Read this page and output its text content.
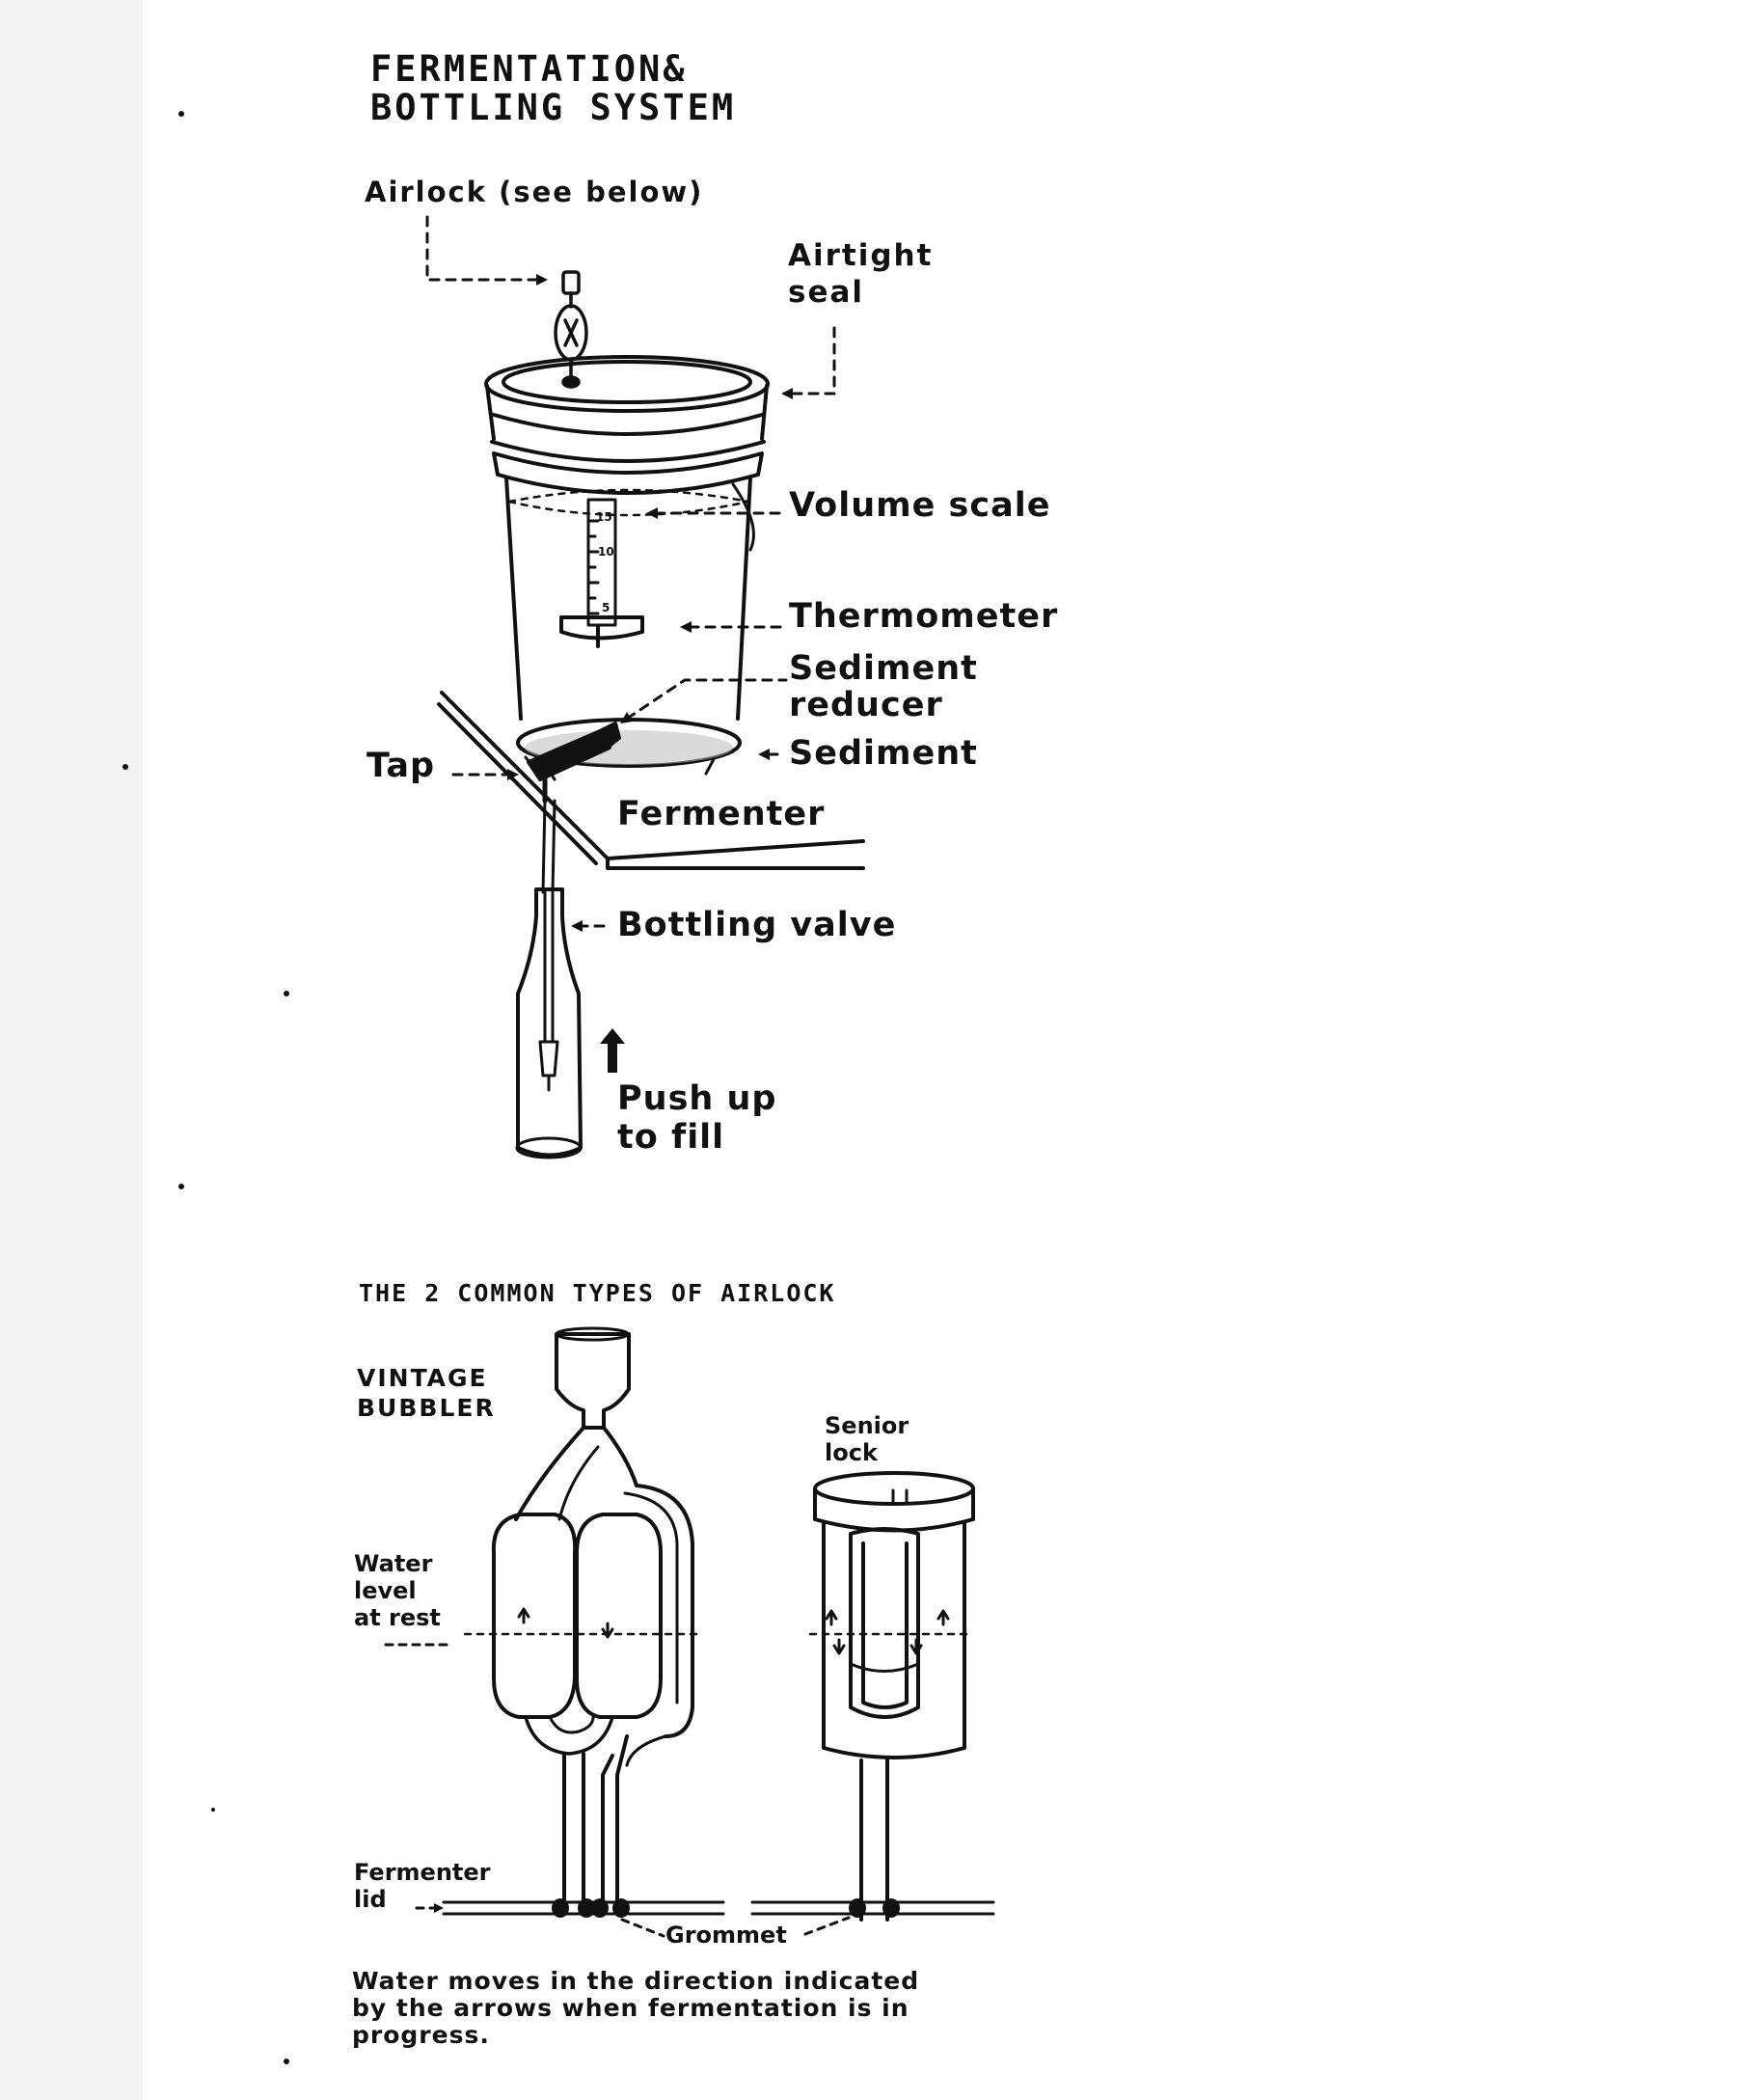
FERMENTATION&
BOTTLING SYSTEM
Airlock (see below)
Airtight
seal
Volume scale
Thermometer
Sediment
reducer
Sediment
Tap
Fermenter
Bottling valve
Push up
to fill
15
10
5
THE 2 COMMON TYPES OF AIRLOCK
VINTAGE
BUBBLER
Senior
lock
Water
level
at rest
Fermenter
lid
Grommet
Water moves in the direction indicated
by the arrows when fermentation is in
progress.
